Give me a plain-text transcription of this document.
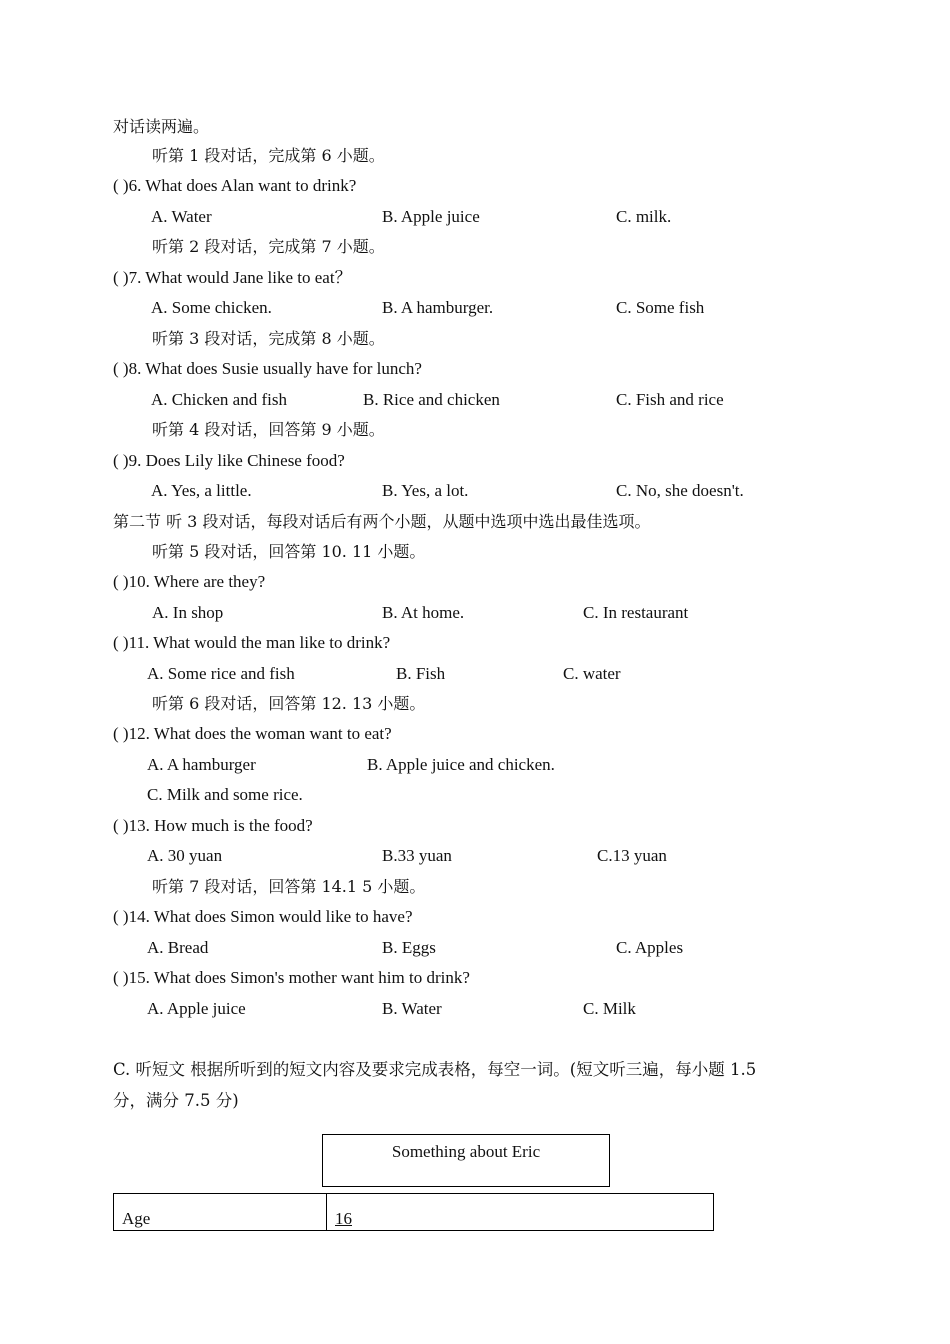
对话读两遍。
听第 1 段对话，完成第 6 小题。
( )6. What does Alan want to drink?
A. Water	B. Apple juice	C. milk.
听第 2 段对话，完成第 7 小题。
( )7. What would Jane like to eat？
A. Some chicken.	B. A hamburger.	C. Some fish
听第 3 段对话，完成第 8 小题。
( )8. What does Susie usually have for lunch?
A. Chicken and fish	B. Rice and chicken	C. Fish and rice
听第 4 段对话，回答第 9 小题。
( )9. Does Lily like Chinese food?
A. Yes, a little.	B. Yes, a lot.	C. No, she doesn't.
第二节 听 3 段对话，每段对话后有两个小题，从题中选项中选出最佳选项。
听第 5 段对话，回答第 10. 11 小题。
( )10. Where are they?
A. In shop	B. At home.	C. In restaurant
( )11. What would the man like to drink?
A. Some rice and fish	B. Fish	C. water
听第 6 段对话，回答第 12. 13 小题。
( )12. What does the woman want to eat?
A. A hamburger	B. Apple juice and chicken.
C. Milk and some rice.
( )13. How much is the food?
A. 30 yuan	B.33 yuan	C.13 yuan
听第 7 段对话，回答第 14.1 5 小题。
( )14. What does Simon would like to have?
A. Bread	B. Eggs	C. Apples
( )15. What does Simon's mother want him to drink?
A. Apple juice	B. Water	C. Milk
C. 听短文 根据所听到的短文内容及要求完成表格，每空一词。(短文听三遍，每小题 1.5
分，满分 7.5 分)
Something about Eric
Age	16
